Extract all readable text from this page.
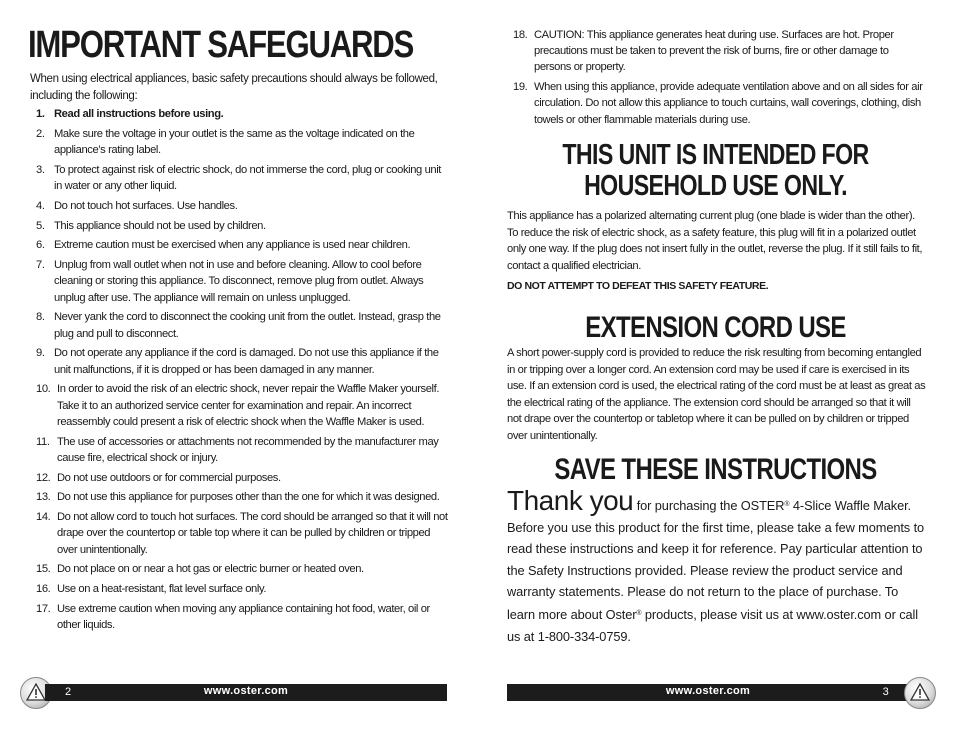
IMPORTANT SAFEGUARDS

When using electrical appliances, basic safety precautions should always be followed, including the following:

1. Read all instructions before using.
2. Make sure the voltage in your outlet is the same as the voltage indicated on the appliance’s rating label.
3. To protect against risk of electric shock, do not immerse the cord, plug or cooking unit in water or any other liquid.
4. Do not touch hot surfaces. Use handles.
5. This appliance should not be used by children.
6. Extreme caution must be exercised when any appliance is used near children.
7. Unplug from wall outlet when not in use and before cleaning. Allow to cool before cleaning or storing this appliance. To disconnect, remove plug from outlet. Always unplug after use. The appliance will remain on unless unplugged.
8. Never yank the cord to disconnect the cooking unit from the outlet. Instead, grasp the plug and pull to disconnect.
9. Do not operate any appliance if the cord is damaged. Do not use this appliance if the unit malfunctions, if it is dropped or has been damaged in any manner.
10. In order to avoid the risk of an electric shock, never repair the Waffle Maker yourself. Take it to an authorized service center for examination and repair. An incorrect reassembly could present a risk of electric shock when the Waffle Maker is used.
11. The use of accessories or attachments not recommended by the manufacturer may cause fire, electrical shock or injury.
12. Do not use outdoors or for commercial purposes.
13. Do not use this appliance for purposes other than the one for which it was designed.
14. Do not allow cord to touch hot surfaces. The cord should be arranged so that it will not drape over the countertop or table top where it can be pulled by children or tripped over unintentionally.
15. Do not place on or near a hot gas or electric burner or heated oven.
16. Use on a heat-resistant, flat level surface only.
17. Use extreme caution when moving any appliance containing hot food, water, oil or other liquids.
2	www.oster.com
18. CAUTION: This appliance generates heat during use. Surfaces are hot. Proper precautions must be taken to prevent the risk of burns, fire or other damage to persons or property.
19. When using this appliance, provide adequate ventilation above and on all sides for air circulation. Do not allow this appliance to touch curtains, wall coverings, clothing, dish towels or other flammable materials during use.
THIS UNIT IS INTENDED FOR
HOUSEHOLD USE ONLY.

This appliance has a polarized alternating current plug (one blade is wider than the other). To reduce the risk of electric shock, as a safety feature, this plug will fit in a polarized outlet only one way. If the plug does not insert fully in the outlet, reverse the plug. If it still fails to fit, contact a qualified electrician.

DO NOT ATTEMPT TO DEFEAT THIS SAFETY FEATURE.

EXTENSION CORD USE

A short power-supply cord is provided to reduce the risk resulting from becoming entangled in or tripping over a longer cord. An extension cord may be used if care is exercised in its use. If an extension cord is used, the electrical rating of the cord must be at least as great as the electrical rating of the appliance. The extension cord should be arranged so that it will not drape over the countertop or tabletop where it can be pulled on by children or tripped over unintentionally.

SAVE THESE INSTRUCTIONS

Thank you for purchasing the OSTER® 4-Slice Waffle Maker. Before you use this product for the first time, please take a few moments to read these instructions and keep it for reference. Pay particular attention to the Safety Instructions provided. Please review the product service and warranty statements. Please do not return to the place of purchase. To learn more about Oster® products, please visit us at www.oster.com or call us at 1-800-334-0759.

www.oster.com	3
